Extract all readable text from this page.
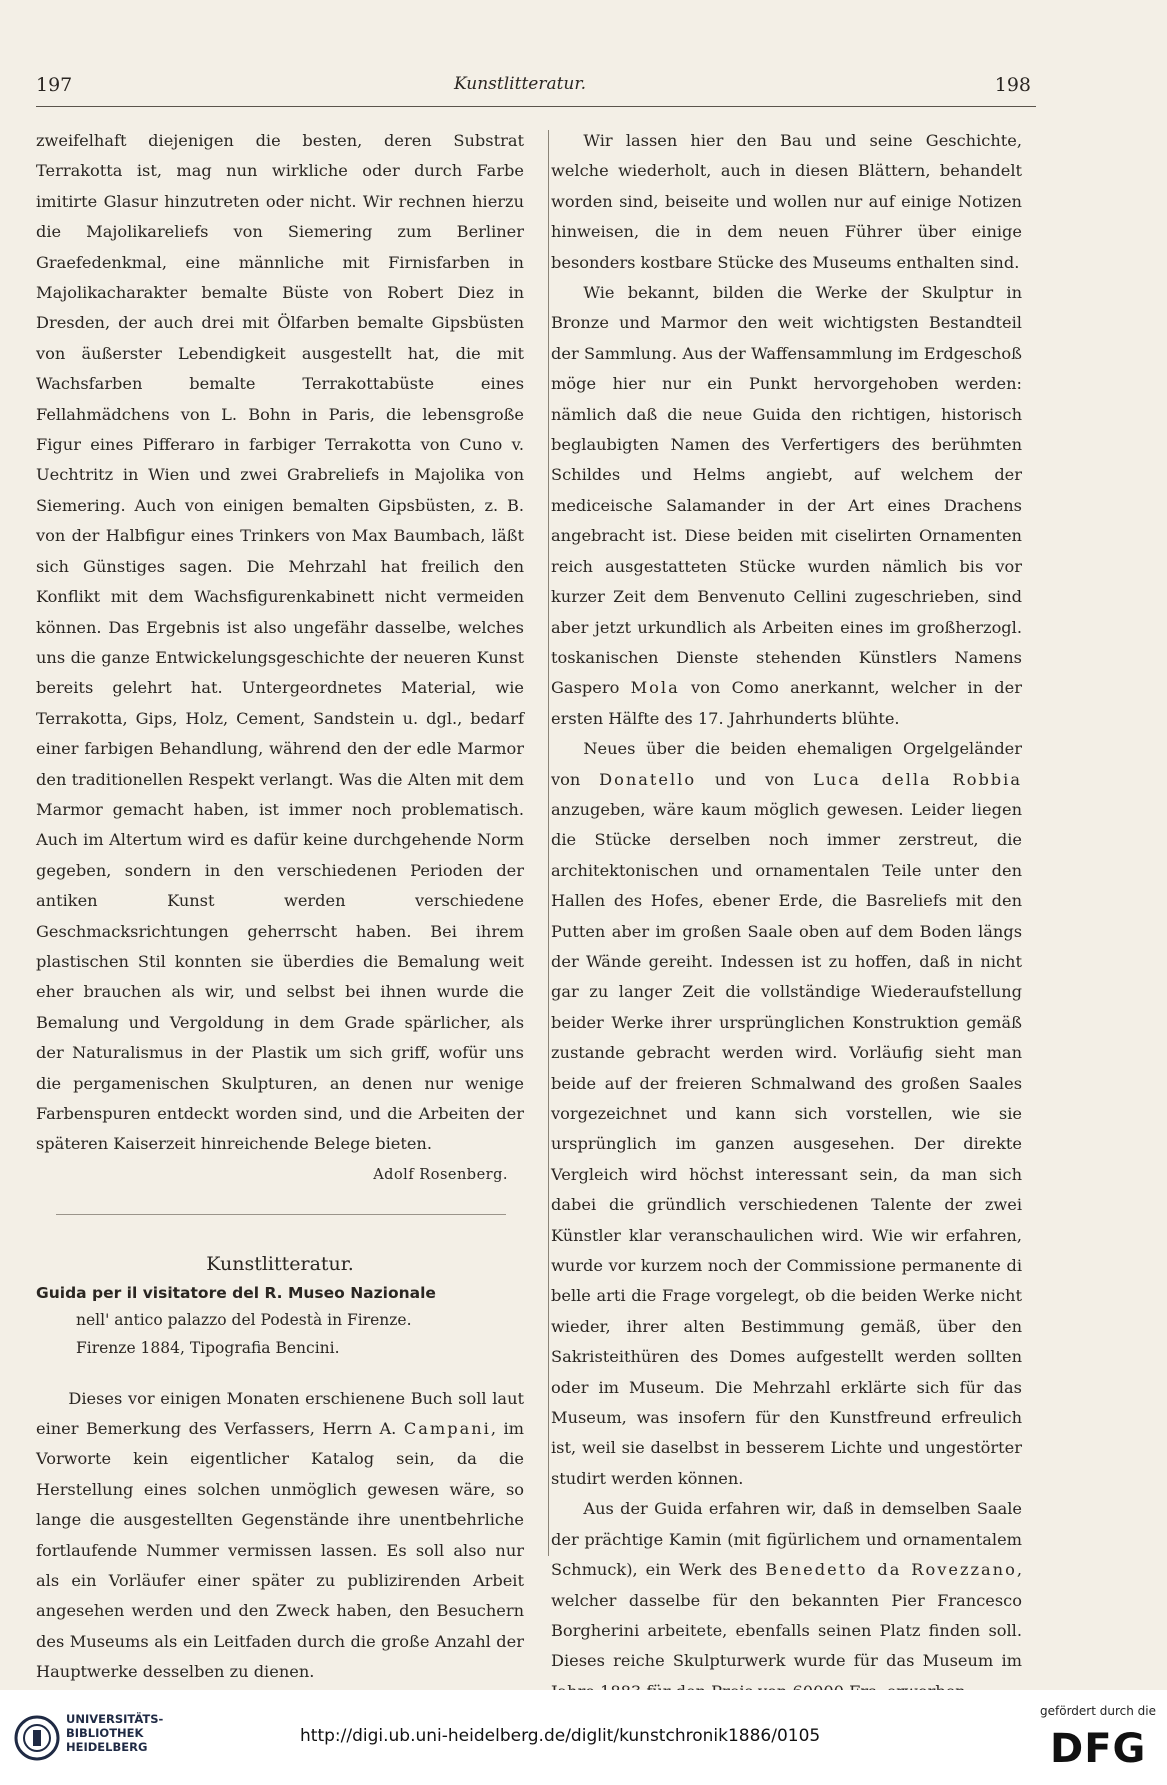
197	Kunstlitteratur.	198

zweifelhaft diejenigen die besten, deren Substrat Terrakotta ist, mag nun wirkliche oder durch Farbe imitirte Glasur hinzutreten oder nicht. Wir rechnen hierzu die Majolikareliefs von Siemering zum Berliner Graefedenkmal, eine männliche mit Firnisfarben in Majolikacharakter bemalte Büste von Robert Diez in Dresden, der auch drei mit Ölfarben bemalte Gipsbüsten von äußerster Lebendigkeit ausgestellt hat, die mit Wachsfarben bemalte Terrakottabüste eines Fellahmädchens von L. Bohn in Paris, die lebensgroße Figur eines Pifferaro in farbiger Terrakotta von Cuno v. Uechtritz in Wien und zwei Grabreliefs in Majolika von Siemering. Auch von einigen bemalten Gipsbüsten, z. B. von der Halbfigur eines Trinkers von Max Baumbach, läßt sich Günstiges sagen. Die Mehrzahl hat freilich den Konflikt mit dem Wachsfigurenkabinett nicht vermeiden können. Das Ergebnis ist also ungefähr dasselbe, welches uns die ganze Entwickelungsgeschichte der neueren Kunst bereits gelehrt hat. Untergeordnetes Material, wie Terrakotta, Gips, Holz, Cement, Sandstein u. dgl., bedarf einer farbigen Behandlung, während den der edle Marmor den traditionellen Respekt verlangt. Was die Alten mit dem Marmor gemacht haben, ist immer noch problematisch. Auch im Altertum wird es dafür keine durchgehende Norm gegeben, sondern in den verschiedenen Perioden der antiken Kunst werden verschiedene Geschmacksrichtungen geherrscht haben. Bei ihrem plastischen Stil konnten sie überdies die Bemalung weit eher brauchen als wir, und selbst bei ihnen wurde die Bemalung und Vergoldung in dem Grade spärlicher, als der Naturalismus in der Plastik um sich griff, wofür uns die pergamenischen Skulpturen, an denen nur wenige Farbenspuren entdeckt worden sind, und die Arbeiten der späteren Kaiserzeit hinreichende Belege bieten.

Adolf Rosenberg.

Kunstlitteratur.

Guida per il visitatore del R. Museo Nazionale

nell' antico palazzo del Podestà in Firenze.
Firenze 1884, Tipografia Bencini.

Dieses vor einigen Monaten erschienene Buch soll laut einer Bemerkung des Verfassers, Herrn A. Campani, im Vorworte kein eigentlicher Katalog sein, da die Herstellung eines solchen unmöglich gewesen wäre, so lange die ausgestellten Gegenstände ihre unentbehrliche fortlaufende Nummer vermissen lassen. Es soll also nur als ein Vorläufer einer später zu publizirenden Arbeit angesehen werden und den Zweck haben, den Besuchern des Museums als ein Leitfaden durch die große Anzahl der Hauptwerke desselben zu dienen.

Wir lassen hier den Bau und seine Geschichte, welche wiederholt, auch in diesen Blättern, behandelt worden sind, beiseite und wollen nur auf einige Notizen hinweisen, die in dem neuen Führer über einige besonders kostbare Stücke des Museums enthalten sind.

Wie bekannt, bilden die Werke der Skulptur in Bronze und Marmor den weit wichtigsten Bestandteil der Sammlung. Aus der Waffensammlung im Erdgeschoß möge hier nur ein Punkt hervorgehoben werden: nämlich daß die neue Guida den richtigen, historisch beglaubigten Namen des Verfertigers des berühmten Schildes und Helms angiebt, auf welchem der mediceische Salamander in der Art eines Drachens angebracht ist. Diese beiden mit ciselirten Ornamenten reich ausgestatteten Stücke wurden nämlich bis vor kurzer Zeit dem Benvenuto Cellini zugeschrieben, sind aber jetzt urkundlich als Arbeiten eines im großherzogl. toskanischen Dienste stehenden Künstlers Namens Gaspero Mola von Como anerkannt, welcher in der ersten Hälfte des 17. Jahrhunderts blühte.

Neues über die beiden ehemaligen Orgelgeländer von Donatello und von Luca della Robbia anzugeben, wäre kaum möglich gewesen. Leider liegen die Stücke derselben noch immer zerstreut, die architektonischen und ornamentalen Teile unter den Hallen des Hofes, ebener Erde, die Basreliefs mit den Putten aber im großen Saale oben auf dem Boden längs der Wände gereiht. Indessen ist zu hoffen, daß in nicht gar zu langer Zeit die vollständige Wiederaufstellung beider Werke ihrer ursprünglichen Konstruktion gemäß zustande gebracht werden wird. Vorläufig sieht man beide auf der freieren Schmalwand des großen Saales vorgezeichnet und kann sich vorstellen, wie sie ursprünglich im ganzen ausgesehen. Der direkte Vergleich wird höchst interessant sein, da man sich dabei die gründlich verschiedenen Talente der zwei Künstler klar veranschaulichen wird. Wie wir erfahren, wurde vor kurzem noch der Commissione permanente di belle arti die Frage vorgelegt, ob die beiden Werke nicht wieder, ihrer alten Bestimmung gemäß, über den Sakristeithüren des Domes aufgestellt werden sollten oder im Museum. Die Mehrzahl erklärte sich für das Museum, was insofern für den Kunstfreund erfreulich ist, weil sie daselbst in besserem Lichte und ungestörter studirt werden können.

Aus der Guida erfahren wir, daß in demselben Saale der prächtige Kamin (mit figürlichem und ornamentalem Schmuck), ein Werk des Benedetto da Rovezzano, welcher dasselbe für den bekannten Pier Francesco Borgherini arbeitete, ebenfalls seinen Platz finden soll. Dieses reiche Skulpturwerk wurde für das Museum im

UNIVERSITÄTS-
BIBLIOTHEK
HEIDELBERG
http://digi.ub.uni-heidelberg.de/diglit/kunstchronik1886/0105
gefördert durch die
DFG
